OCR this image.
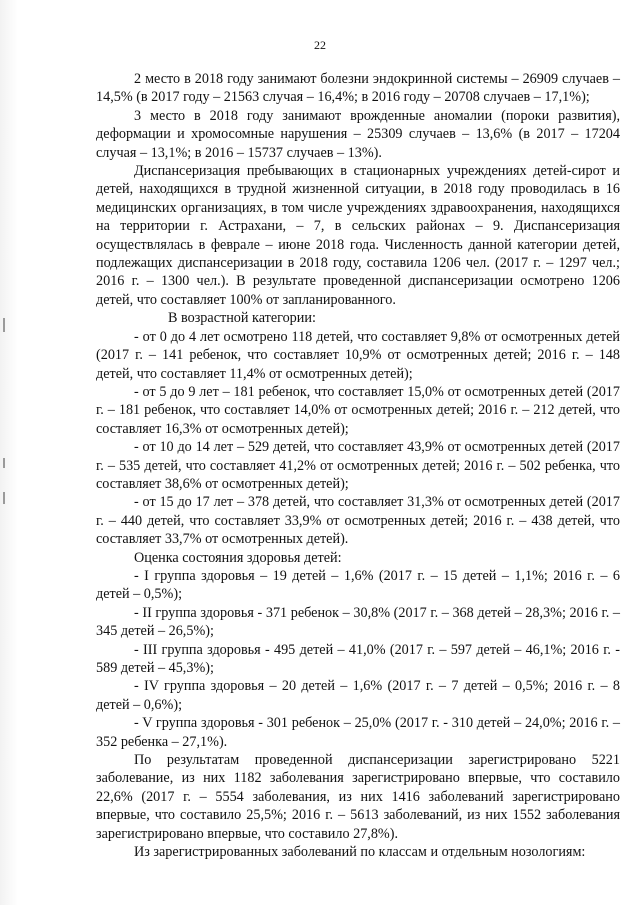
22

2 место в 2018 году занимают болезни эндокринной системы – 26909 случаев – 14,5% (в 2017 году – 21563 случая – 16,4%; в 2016 году – 20708 случаев – 17,1%);

3 место в 2018 году занимают врожденные аномалии (пороки развития), деформации и хромосомные нарушения – 25309 случаев – 13,6% (в 2017 – 17204 случая – 13,1%; в 2016 – 15737 случаев – 13%).

Диспансеризация пребывающих в стационарных учреждениях детей-сирот и детей, находящихся в трудной жизненной ситуации, в 2018 году проводилась в 16 медицинских организациях, в том числе учреждениях здравоохранения, находящихся на территории г. Астрахани, – 7, в сельских районах – 9. Диспансеризация осуществлялась в феврале – июне 2018 года. Численность данной категории детей, подлежащих диспансеризации в 2018 году, составила 1206 чел. (2017 г. – 1297 чел.; 2016 г. – 1300 чел.). В результате проведенной диспансеризации осмотрено 1206 детей, что составляет 100% от запланированного.

В возрастной категории:

- от 0 до 4 лет осмотрено 118 детей, что составляет 9,8% от осмотренных детей (2017 г. – 141 ребенок, что составляет 10,9% от осмотренных детей; 2016 г. – 148 детей, что составляет 11,4% от осмотренных детей);

- от 5 до 9 лет – 181 ребенок, что составляет 15,0% от осмотренных детей (2017 г. – 181 ребенок, что составляет 14,0% от осмотренных детей; 2016 г. – 212 детей, что составляет 16,3% от осмотренных детей);

- от 10 до 14 лет – 529 детей, что составляет 43,9% от осмотренных детей (2017 г. – 535 детей, что составляет 41,2% от осмотренных детей; 2016 г. – 502 ребенка, что составляет 38,6% от осмотренных детей);

- от 15 до 17 лет – 378 детей, что составляет 31,3% от осмотренных детей (2017 г. – 440 детей, что составляет 33,9% от осмотренных детей; 2016 г. – 438 детей, что составляет 33,7% от осмотренных детей).

Оценка состояния здоровья детей:

- I группа здоровья – 19 детей – 1,6% (2017 г. – 15 детей – 1,1%; 2016 г. – 6 детей – 0,5%);

- II группа здоровья - 371 ребенок – 30,8% (2017 г. – 368 детей – 28,3%; 2016 г. – 345 детей – 26,5%);

- III группа здоровья - 495 детей – 41,0% (2017 г. – 597 детей – 46,1%; 2016 г. - 589 детей – 45,3%);

- IV группа здоровья – 20 детей – 1,6% (2017 г. – 7 детей – 0,5%; 2016 г. – 8 детей – 0,6%);

- V группа здоровья - 301 ребенок – 25,0% (2017 г. - 310 детей – 24,0%; 2016 г. – 352 ребенка – 27,1%).

По результатам проведенной диспансеризации зарегистрировано 5221 заболевание, из них 1182 заболевания зарегистрировано впервые, что составило 22,6% (2017 г. – 5554 заболевания, из них 1416 заболеваний зарегистрировано впервые, что составило 25,5%; 2016 г. – 5613 заболеваний, из них 1552 заболевания зарегистрировано впервые, что составило 27,8%).

Из зарегистрированных заболеваний по классам и отдельным нозологиям:
